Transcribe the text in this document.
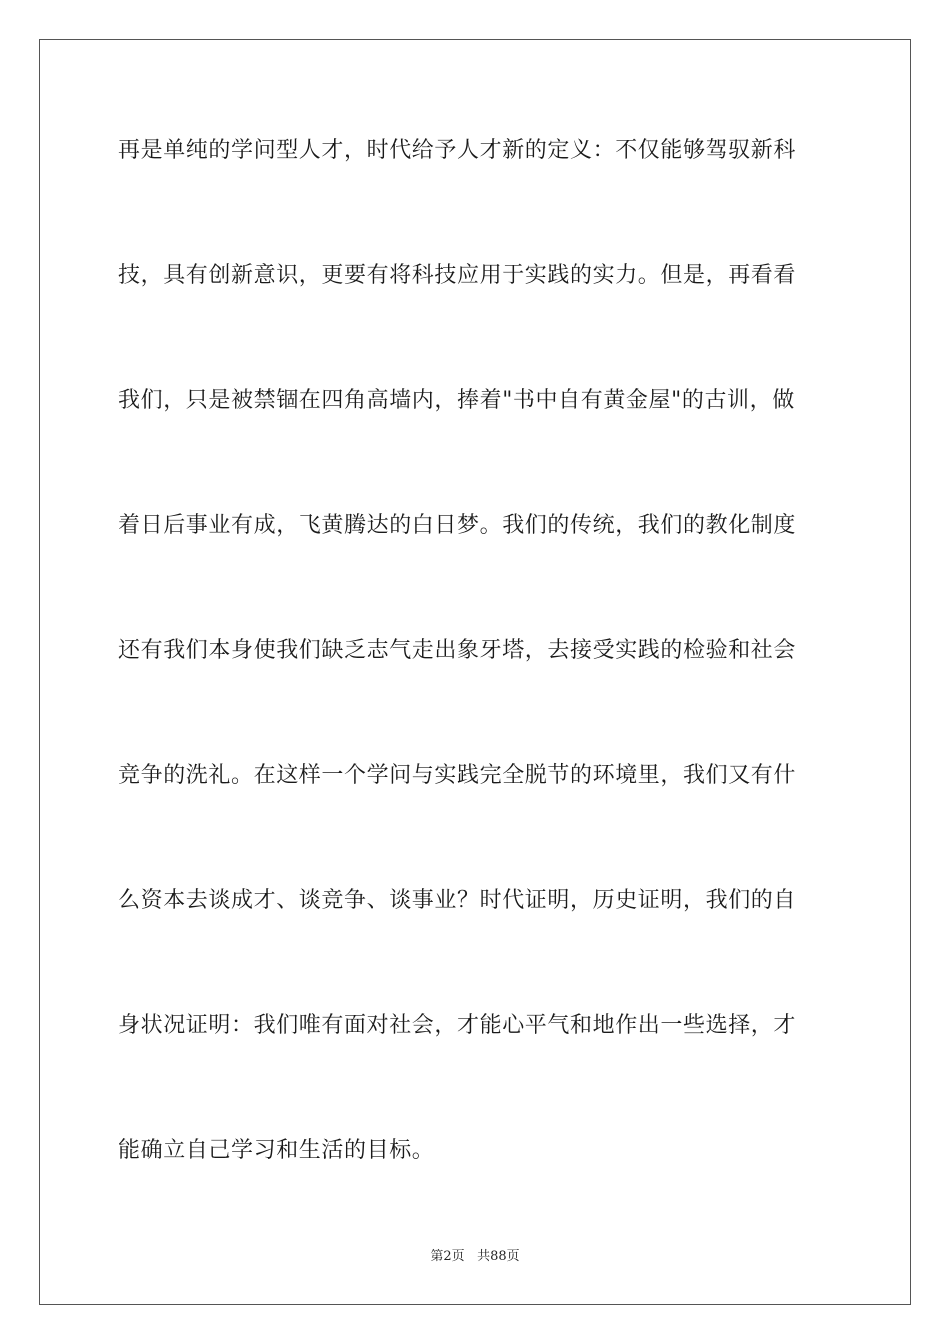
再是单纯的学问型人才，时代给予人才新的定义：不仅能够驾驭新科
技，具有创新意识，更要有将科技应用于实践的实力。但是，再看看
我们，只是被禁锢在四角高墙内，捧着"书中自有黄金屋"的古训，做
着日后事业有成，飞黄腾达的白日梦。我们的传统，我们的教化制度
还有我们本身使我们缺乏志气走出象牙塔，去接受实践的检验和社会
竞争的洗礼。在这样一个学问与实践完全脱节的环境里，我们又有什
么资本去谈成才、谈竞争、谈事业？时代证明，历史证明，我们的自
身状况证明：我们唯有面对社会，才能心平气和地作出一些选择，才
能确立自己学习和生活的目标。
第2页 共88页
